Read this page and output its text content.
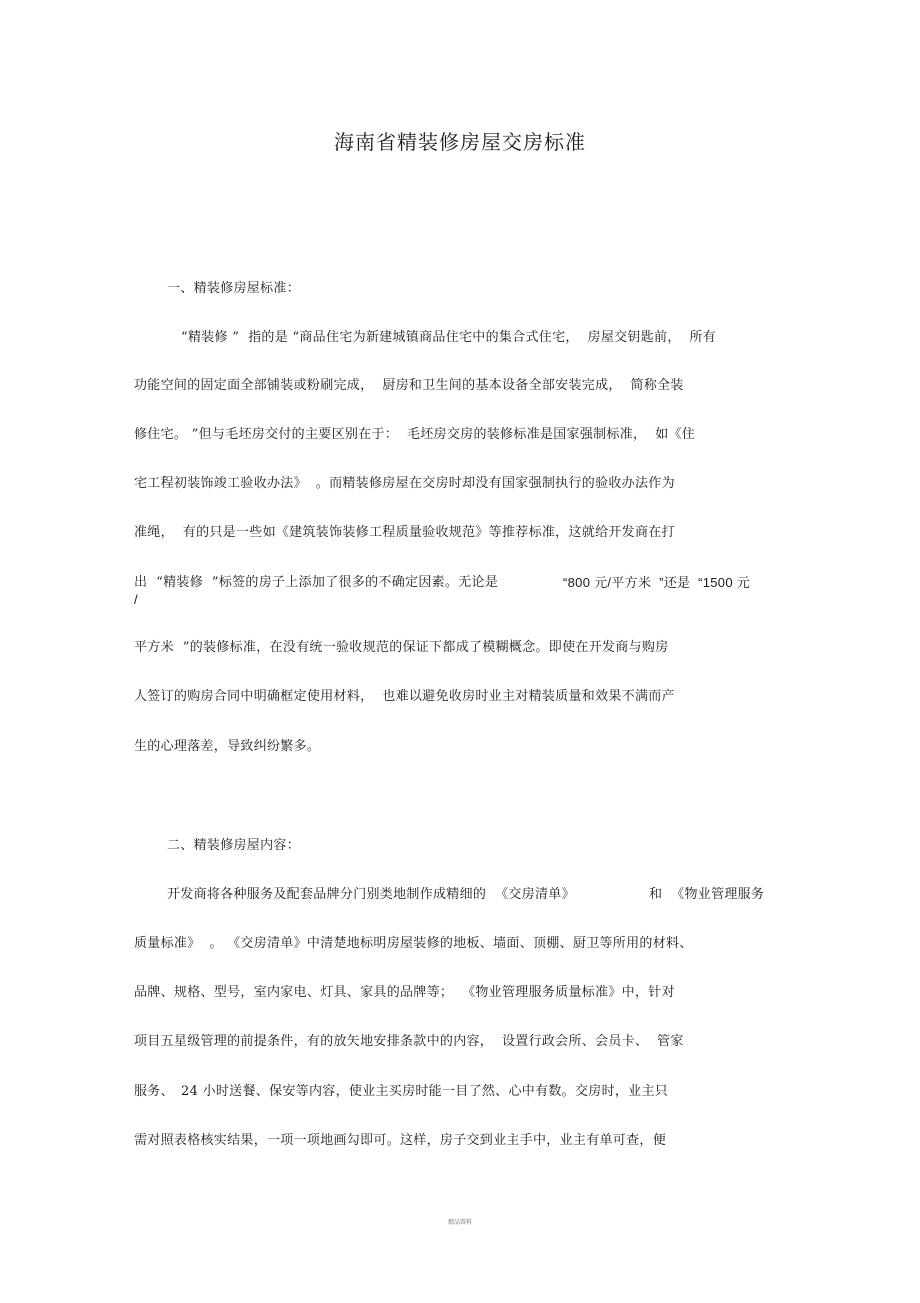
海南省精装修房屋交房标准
一、精装修房屋标准：
“精装修 ”  指的是 “商品住宅为新建城镇商品住宅中的集合式住宅，  房屋交钥匙前，  所有
功能空间的固定面全部铺装或粉刷完成，  厨房和卫生间的基本设备全部安装完成，  简称全装
修住宅。 ”但与毛坯房交付的主要区别在于：  毛坯房交房的装修标准是国家强制标准，  如《住
宅工程初装饰竣工验收办法》  。而精装修房屋在交房时却没有国家强制执行的验收办法作为
准绳，  有的只是一些如《建筑装饰装修工程质量验收规范》等推荐标准，这就给开发商在打
出  “精装修  ”标签的房子上添加了很多的不确定因素。无论是	“800 元/平方米  ”还是  “1500 元
/
平方米  ”的装修标准，在没有统一验收规范的保证下都成了模糊概念。即使在开发商与购房
人签订的购房合同中明确框定使用材料，  也难以避免收房时业主对精装质量和效果不满而产
生的心理落差，导致纠纷繁多。
二、精装修房屋内容：
开发商将各种服务及配套品牌分门别类地制作成精细的  《交房清单》	和  《物业管理服务
质量标准》  。 《交房清单》中清楚地标明房屋装修的地板、墙面、顶棚、厨卫等所用的材料、
品牌、规格、型号，室内家电、灯具、家具的品牌等；  《物业管理服务质量标准》中，针对
项目五星级管理的前提条件，有的放矢地安排条款中的内容，  设置行政会所、会员卡、  管家
服务、 24 小时送餐、保安等内容，使业主买房时能一目了然、心中有数。交房时，业主只
需对照表格核实结果，一项一项地画勾即可。这样，房子交到业主手中，业主有单可查，便
精品资料
